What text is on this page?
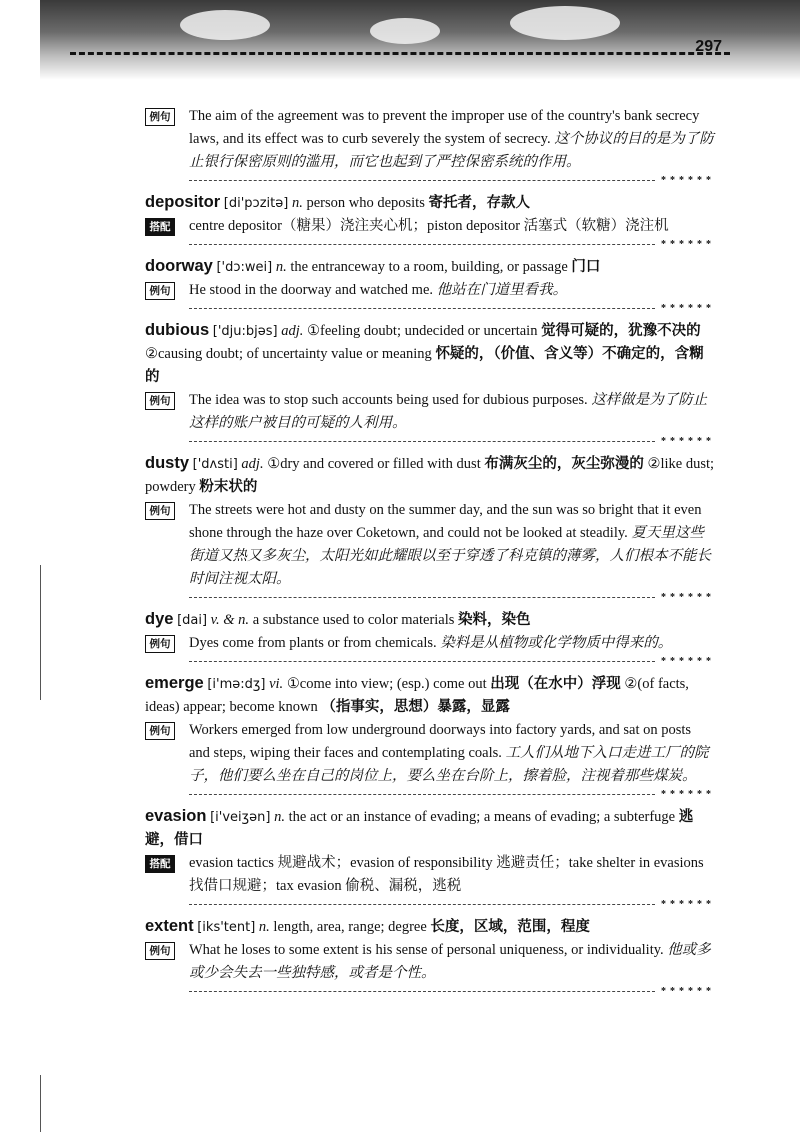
297
例句	The aim of the agreement was to prevent the improper use of the country's bank secrecy laws, and its effect was to curb severely the system of secrecy. 这个协议的目的是为了防止银行保密原则的滥用，而它也起到了严控保密系统的作用。
******
depositor [di'pɔzitə] n. person who deposits 寄托者，存款人
搭配	centre depositor（糖果）浇注夹心机；piston depositor 活塞式（软糖）浇注机
******
doorway ['dɔ:wei] n. the entranceway to a room, building, or passage 门口
例句	He stood in the doorway and watched me. 他站在门道里看我。
******
dubious ['dju:bjəs] adj. ①feeling doubt; undecided or uncertain 觉得可疑的，犹豫不决的②causing doubt; of uncertainty value or meaning 怀疑的，（价值、含义等）不确定的，含糊的
例句	The idea was to stop such accounts being used for dubious purposes. 这样做是为了防止这样的账户被目的可疑的人利用。
******
dusty ['dʌsti] adj. ①dry and covered or filled with dust 布满灰尘的，灰尘弥漫的 ②like dust; powdery 粉末状的
例句	The streets were hot and dusty on the summer day, and the sun was so bright that it even shone through the haze over Coketown, and could not be looked at steadily. 夏天里这些街道又热又多灰尘，太阳光如此耀眼以至于穿透了科克镇的薄雾，人们根本不能长时间注视太阳。
******
dye [dai] v. & n. a substance used to color materials 染料，染色
例句	Dyes come from plants or from chemicals. 染料是从植物或化学物质中得来的。
******
emerge [i'mə:dʒ] vi. ①come into view; (esp.) come out 出现（在水中）浮现 ②(of facts, ideas) appear; become known （指事实，思想）暴露，显露
例句	Workers emerged from low underground doorways into factory yards, and sat on posts and steps, wiping their faces and contemplating coals. 工人们从地下入口走进工厂的院子，他们要么坐在自己的岗位上，要么坐在台阶上，擦着脸，注视着那些煤炭。
******
evasion [i'veiʒən] n. the act or an instance of evading; a means of evading; a subterfuge 逃避，借口
搭配	evasion tactics 规避战术；evasion of responsibility 逃避责任；take shelter in evasions 找借口规避；tax evasion 偷税、漏税，逃税
******
extent [iks'tent] n. length, area, range; degree 长度，区域，范围，程度
例句	What he loses to some extent is his sense of personal uniqueness, or individuality. 他或多或少会失去一些独特感，或者是个性。
******
